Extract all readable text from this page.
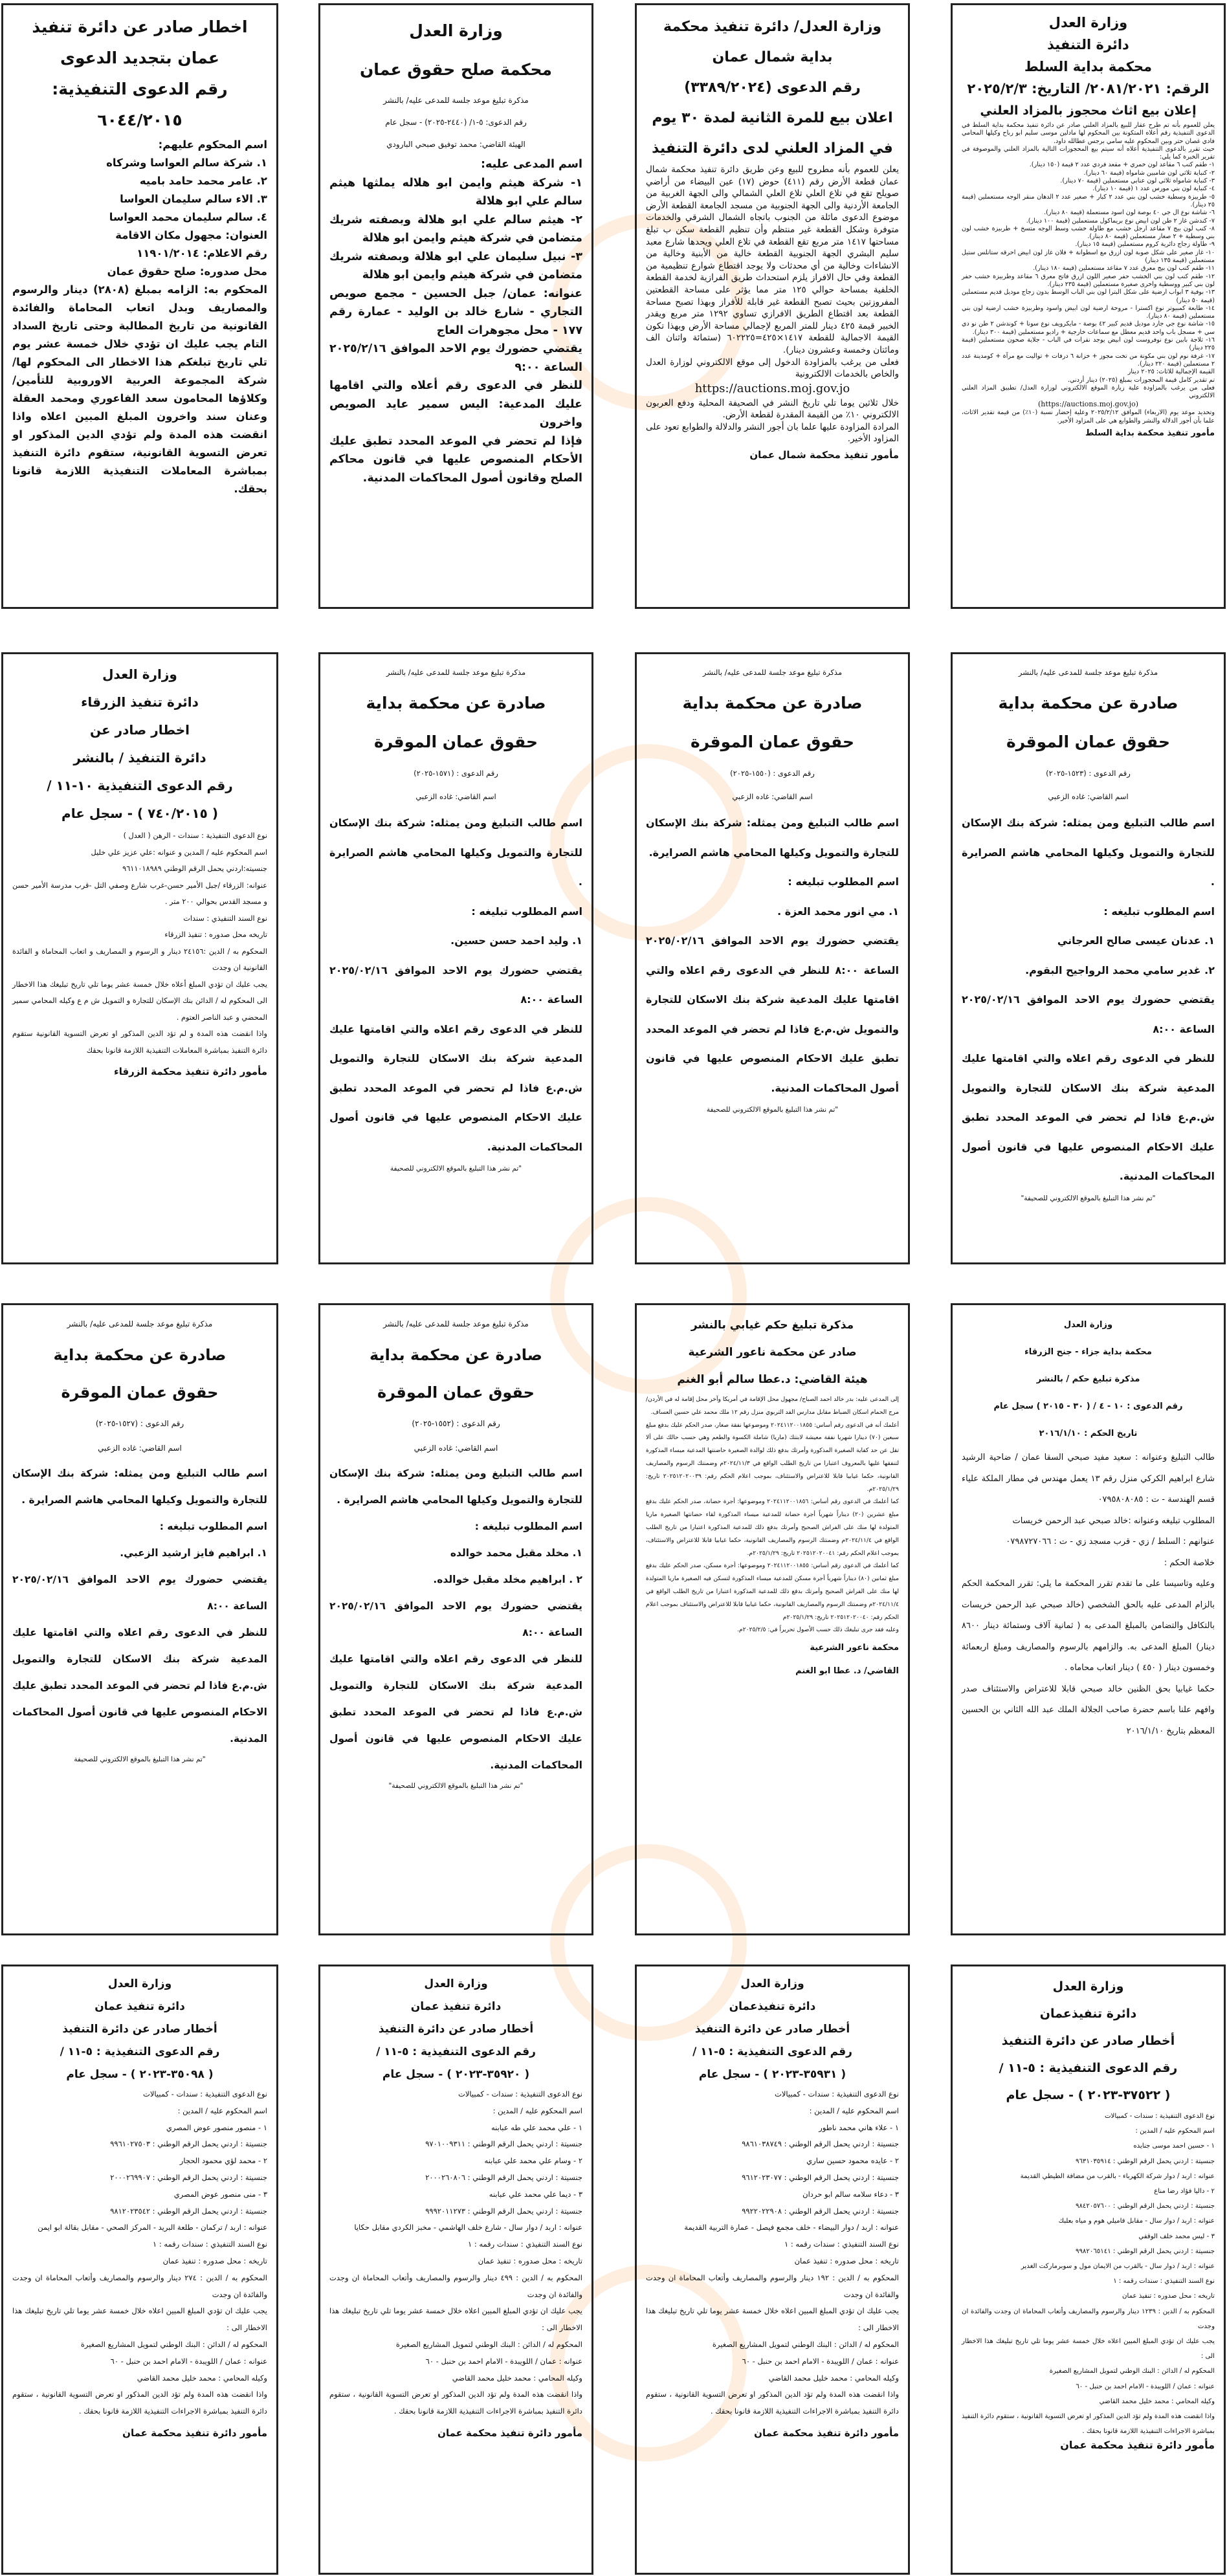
وزارة العدل
دائرة التنفيذ
محكمة بداية السلط
الرقم: ٢٠٨١/٢٠٢١/ التاريخ: ٢٠٢٥/٢/٣
إعلان بيع اثاث محجوز بالمزاد العلني
يعلن للعموم بأنه تم طرح عقار للبيع بالمزاد العلني صادر عن دائرة تنفيذ محكمة بداية السلط في الدعوى التنفيذية رقم أعلاه المتكونة بين المحكوم لها مادلين موسى سليم ابو رباح وكيلها المحامي فادي غصان حتر وبين المحكوم عليه سامي برجس عطالله داود.
حيث تقرر بالدعوى التنفيذية أعلاه أنه سيتم بيع المحجوزات التالية بالمزاد العلني والموصوفة في تقرير الخبرة كما يلي:
١- طقم كنب ٦ مقاعد لون خمري + مقعد فردي عدد ٢ قيمة (١٥٠ دينار).
٢- كنباية ثلاثي لون شامبين شامواه (قيمة ٦٠ دينار).
٣- كنباية شامواه ثلاثي لون عنابي مستعملين (قيمة ٧٠ دينار).
٤- كنباية لون بني مورس عدد ١ (قيمة ١٠ دينار).
٥- طربيزة وسطية خشب لون بني عدد ٢ كبار + صغير عدد ٢ الدهان منقر الوجه مستعملين (قيمة ٢٥ دينار).
٦- شاشة نوع ال جي ٤٠ بوصة لون اسود مستعملة (قيمة ٨٠ دينار).
٧- كندشن غاز ٢ طن لون ابيض نوع بريماكول مستعملين (قيمة ١٠٠ دينار).
٨- كنب لون بيج ٧ مقاعد ارجل خشب مع طاولة خشب وسط الوجه متسخ + طربيزة خشب لون بني وسطية + ٢ صغار مستعملين (قيمة ٨٠ دينار).
٩- طاولة زجاج دائرية كروم مستعملين (قيمة ١٥ دينار).
١٠- غاز صغير على شكل صوبة لون ازرق مع اسطوانة + فلان غاز لون ابيض احرقه ستانلس ستيل مستعملين (قيمة ١٣٥ دينار)
١١- طقم كنب لون بيج معرق عدد ٧ مقاعد مستعملين (قيمة ١٨٠ دينار).
١٢- طقم كنب لون بني الخشب حفر صغير اللون ازرق فاتح معرق ٦ مقاعد وطربيزة خشب حفر لون بني كبير ووسطية واخرى صغيرة مستعملين (قيمة ٢٣٥ دينار).
١٣- بوفية ٣ ابواب ارضية على شكل البترا لون بني الباب الوسط بدون زجاج موديل قديم مستعملين (قيمة ٥٠ دينار)
١٤- طابعة كمبيوتر نوع اكسترا - مروحة ارضية لون ابيض واسود وطربيزة خشب ارضية لون بني مستعملين (قيمة ٨٠ دينار).
١٥- شاشة نوع جي جارد موديل قديم كبير ٤٢ بوصة - مايكرويف نوع سونا + كوندشن ٢ طن نو دي سي + مسجل باب واحد قديم معطل مع سماعات خارجية + راديو مستعملين (قيمة ٣٠٠ دينار).
١٦- ثلاجة بابين نوع نوفروست لون ابيض يوجد نقرات في الباب - جلاية صحون مستعملين (قيمة ٢٢٥ دينار)
١٧- غرفة نوم لون بني مكونة من تخت مجوز + خزانة ٦ درفات + تواليت مع مرآة + كومدينة عدد ٢ مستعملين (قيمة ٢٢٠ دينار).
القيمة الإجمالية للاثاث: ٢٠٢٥ دينار
تم تقدير كامل قيمة المحجوزات بمبلغ (٢٠٢٥) دينار أردني.
فعلى من يرغب بالمزاودة علية زيارة الموقع الالكتروني لوزارة العدل/ تطبيق المزاد العلني الالكتروني
(https://auctions.moj.gov.jo)
وتحديد موعد يوم (الاربعاء) الموافق ٢٠٢٥/٢/١٢ وعلية إحضار نسبة (١٠٪) من قيمة تقدير الاثاث، علما بأن أجور الدلالة والنشر والطوابع هي على المزاود الأخير.
مأمور تنفيذ محكمة بداية السلط
وزارة العدل/ دائرة تنفيذ محكمة
بداية شمال عمان
رقم الدعوى (٣٣٨٩/٢٠٢٤)
اعلان بيع للمرة الثانية لمدة ٣٠ يوم
في المزاد العلني لدى دائرة التنفيذ
يعلن للعموم بأنه مطروح للبيع وعن طريق دائرة تنفيذ محكمة شمال عمان قطعة الأرض رقم (٤١١) حوض (١٧) عين البيضاء من أراضي صويلح تقع في تلاع العلي تلاع العلي الشمالي والى الجهة الغربية من الجامعة الأردنية والى الجهة الجنوبية من مسجد الجامعة القطعة الأرض موضوع الدعوى مائلة من الجنوب باتجاه الشمال الشرقي والخدمات متوفرة وشكل القطعة غير منتظم وأن تنظيم القطعة سكن ب تبلغ مساحتها ١٤١٧ متر مربع تقع القطعة في تلاع العلي ويحدها شارع معبد سليم البشري الجهة الجنوبية القطعة خالية من الأبنية وخالية من الانشاءات وخالية من أي محدثات ولا يوجد اقتطاع شوارع تنظيمية من القطعة وفي حال الافراز يلزم استحداث طريق الفرازية لخدمة القطعة الخلفية بمساحة حوالي ١٢٥ متر مما يؤثر على مساحة القطعتين المفروزتين بحيث تصبح القطعة غير قابلة للأفراز وبهذا تصبح مساحة القطعة بعد اقتطاع الطريق الافرازي تساوي ١٢٩٢ متر مربع ويقدر الخبير قيمة ٤٢٥ دينار للمتر المربع لإجمالي مساحة الأرض وبهذا تكون القيمة الاجمالية للقطعة ١٤١٧×٤٢٥=٦٠٢٢٢٥ (ستمائة واثنان الف ومائتان وخمسة وعشرون دينار).
فعلى من يرغب بالمزاودة الدخول إلى موقع الالكتروني لوزارة العدل والخاص بالخدمات الالكترونية
https://auctions.moj.gov.jo
خلال ثلاثين يوما تلي تاريخ النشر في الصحيفة المحلية ودفع العربون الالكتروني ١٠٪ من القيمة المقدرة لقطعة الأرض.
المرادة المزاودة عليها علما بان أجور النشر والدلالة والطوابع تعود على المزاود الأخير.
مأمور تنفيذ محكمة شمال عمان
وزارة العدل
محكمة صلح حقوق عمان
مذكرة تبليغ موعد جلسة للمدعى عليه/ بالنشر
رقم الدعوى: ٥-١/ (٢٤٤٠-٢٠٢٥) - سجل عام
الهيئة القاضي: محمد توفيق صبحي البارودي
اسم المدعى عليه:
١- شركة هيثم وايمن ابو هلاله يملثها هيثم سالم علي ابو هلالة
٢- هيثم سالم علي ابو هلالة وبصفته شريك متضامن في شركة هيثم وايمن ابو هلالة
٣- نبيل سليمان علي ابو هلالة وبصفته شريك متضامن في شركة هيثم وايمن ابو هلالة
عنوانه: عمان/ جبل الحسين - مجمع صويص التجاري - شارع خالد بن الوليد - عمارة رقم ١٧٧ - محل مجوهرات العاج
يقتضي حضورك يوم الاحد الموافق ٢٠٢٥/٢/١٦ الساعة ٩:٠٠
للنظر في الدعوى رقم أعلاه والتي اقامها عليك المدعية: اليس سمير عايد الصويص واخرون
فإذا لم تحضر في الموعد المحدد تطبق عليك الأحكام المنصوص عليها في قانون محاكم الصلح وقانون أصول المحاكمات المدنية.
اخطار صادر عن دائرة تنفيذ
عمان بتجديد الدعوى
رقم الدعوى التنفيذية:
٦٠٤٤/٢٠١٥
اسم المحكوم عليهم:
١. شركة سالم العواسا وشركاه
٢. عامر محمد حامد باميه
٣. الاء سالم سليمان العواسا
٤. سالم سليمان محمد العواسا
العنوان: مجهول مكان الاقامة
رقم الاعلام: ١١٩٠١/٢٠١٤
محل صدوره: صلح حقوق عمان
المحكوم به: الزامه بمبلغ (٢٨٠٨) دينار والرسوم والمصاريف وبدل اتعاب المحاماة والفائدة القانونية من تاريخ المطالبة وحتى تاريخ السداد التام يجب عليك ان تؤدي خلال خمسة عشر يوم تلي تاريخ تبلغكم هذا الاخطار الى المحكوم لها/ شركة المجموعة العربية الاوروبية للتأمين/ وكلاؤها المحامون سعد الفاعوري ومحمد العقلة وعنان سند واخرون المبلغ المبين اعلاه واذا انقضت هذه المدة ولم تؤدي الدين المذكور او تعرض التسوية القانونية، ستقوم دائرة التنفيذ بمباشرة المعاملات التنفيذية اللازمة قانونا بحقك.
مذكرة تبليغ موعد جلسة للمدعى عليه/ بالنشر
صادرة عن محكمة بداية
حقوق عمان الموقرة
رقم الدعوى : (١٥٢٣-٢٠٢٥)
اسم القاضي: غاده الزعبي
اسم طالب التبليغ ومن يمثله: شركة بنك الإسكان للتجارة والتمويل وكيلها المحامي هاشم الصرايرة .
اسم المطلوب تبليغه :
١. عدنان عيسى صالح العرجاني
٢. غدير سامي محمد الرواجيح البقوم.
يقتضي حضورك يوم الاحد الموافق ٢٠٢٥/٠٢/١٦ الساعة ٨:٠٠
للنظر في الدعوى رقم اعلاه والتي اقامتها عليك المدعية شركة بنك الاسكان للتجارة والتمويل ش.م.ع فاذا لم تحضر في الموعد المحدد تطبق عليك الاحكام المنصوص عليها في قانون أصول المحاكمات المدنية.
"تم نشر هذا التبليغ بالموقع الالكتروني للصحيفة"
مذكرة تبليغ موعد جلسة للمدعى عليه/ بالنشر
صادرة عن محكمة بداية
حقوق عمان الموقرة
رقم الدعوى : (١٥٥٠-٢٠٢٥)
اسم القاضي: غاده الزعبي
اسم طالب التبليغ ومن يمثله: شركة بنك الإسكان للتجارة والتمويل وكيلها المحامي هاشم الصرايرة.
اسم المطلوب تبليغه :
١. مي انور محمد العزة .
يقتضي حضورك يوم الاحد الموافق ٢٠٢٥/٠٢/١٦ الساعة ٨:٠٠ للنظر في الدعوى رقم اعلاه والتي اقامتها عليك المدعية شركة بنك الاسكان للتجارة والتمويل ش.م.ع فاذا لم تحضر في الموعد المحدد تطبق عليك الاحكام المنصوص عليها في قانون أصول المحاكمات المدنية.
"تم نشر هذا التبليغ بالموقع الالكتروني للصحيفة
مذكرة تبليغ موعد جلسة للمدعى عليه/ بالنشر
صادرة عن محكمة بداية
حقوق عمان الموقرة
رقم الدعوى : (١٥٧١-٢٠٢٥)
اسم القاضي: غاده الزعبي
اسم طالب التبليغ ومن يمثله: شركة بنك الإسكان للتجارة والتمويل وكيلها المحامي هاشم الصرايرة .
اسم المطلوب تبليغه :
١. وليد احمد حسن حسين.
يقتضي حضورك يوم الاحد الموافق ٢٠٢٥/٠٢/١٦ الساعة ٨:٠٠
للنظر في الدعوى رقم اعلاه والتي اقامتها عليك المدعية شركة بنك الاسكان للتجارة والتمويل ش.م.ع فاذا لم تحضر في الموعد المحدد تطبق عليك الاحكام المنصوص عليها في قانون أصول المحاكمات المدنية.
"تم نشر هذا التبليغ بالموقع الالكتروني للصحيفة
وزارة العدل
دائرة تنفيذ الزرقاء
اخطار صادر عن
دائرة التنفيذ / بالنشر
رقم الدعوى التنفيذية ١٠-١١ /
( ٧٤٠/٢٠١٥ ) - سجل عام
نوع الدعوى التنفيذية : سندات - الرهن ( العدل )
اسم المحكوم عليه / المدين و عنوانه :علي عزيز علي خليل
جنسيته:اردني يحمل الرقم الوطني ٩٦١١٠١٨٩٨٩
عنوانه: الزرقاء /جبل الأمير حسن-غرب شارع وصفي التل -قرب مدرسة الأمير حسن و مسجد القدس بحوالي ٢٠٠ متر .
نوع السند التنفيذي : سندات
تاريخه محل صدوره : تنفيذ الزرقاء
المحكوم به / الدين :٢٤١٥٦ دينار و الرسوم و المصاريف و اتعاب المحاماة و الفائدة القانونية ان وجدت
يجب عليك ان تؤدي المبلغ أعلاه خلال خمسة عشر يوما تلي تاريخ تبليغك هذا الاخطار الى المحكوم له / الدائن بنك الإسكان للتجارة و التمويل ش م ع وكيله المحامي سمير المحضي و عبد الناصر العتوم .
واذا انقضت هذه المدة و لم تؤد الدين المذكور او تعرض التسوية القانونية ستقوم دائرة التنفيذ بمباشرة المعاملات التنفيذية اللازمة قانونا بحقك
مأمور دائرة تنفيذ محكمة الزرقاء
وزارة العدل
محكمة بداية جزاء - جنح الزرقاء
مذكرة تبليغ حكم / بالنشر
رقم الدعوى : ١٠ - ٤ / ( ٣٠ - ٢٠١٥ ) سجل عام
تاريخ الحكم : ٢٠١٦/١/١٠
طالب التبليغ وعنوانه : سعيد مفيد صبحي السقا عمان / ضاحية الرشيد شارع ابراهيم الكركي منزل رقم ١٣ يعمل مهندس في مطار الملكة علياء قسم الهندسة - ت : ٠٧٩٥٨٠٨٠٨٥
المطلوب تبليغه وعنوانه :خالد صبحي عبد الرحمن خريسات
عنوانهم : السلط / زي - قرب مسجد زي - ت : ٠٧٩٨٧٢٧٠٦٦
خلاصة الحكم :
وعليه وتاسيسا على ما تقدم تقرر المحكمة ما يلي: تقرر المحكمة الحكم بالزام المدعى عليه بالحق الشخصي (خالد صبحي عبد الرحمن خريسات بالتكافل والتضامن بالمبلغ المدعى به ( ثمانية آلاف وستمائة دينار ٨٦٠٠ دينار) المبلغ المدعى به. والزامهم بالرسوم والمصاريف ومبلغ اربعمائة وخمسون دينار ( ٤٥٠ ) دينار اتعاب محاماه .
حكما غيابيا بحق الظنين خالد صبحي قابلا للاعتراض والاستئناف صدر وافهم علنا باسم حضرة صاحب الجلالة الملك عبد الله الثاني بن الحسين المعظم بتاريخ ٢٠١٦/١/١٠
مذكرة تبليغ حكم غيابي بالنشر
صادر عن محكمة ناعور الشرعية
هيئة القاضي: د.عطا سالم أبو الغنم
إلى المدعى عليه: بدر خالد احمد الصباح/ مجهول محل الإقامة في أمريكا وآخر محل إقامة له في الأردن/ مرج الحمام اسكان الضباط مقابل مدارس الفد التربوي منزل رقم ١٢ ملك محمد علي حسين العساف.
أعلمك أنه في الدعوى رقم أساس: ٢٠٢٤١١٢٠٠١٨٥٥ وموضوعها نفقة صغار، صدر الحكم عليك بدفع مبلغ سبعين (٧٠) دينارا شهريا نفقة معيشة لابنتك (ماريا) شاملة الكسوة والطعم وهي حسب حالك على ألا تقل عن حد كفاية الصغيرة المذكورة وأمرتك بدفع ذلك لوالدة الصغيرة حاضنتها المدعية ميساء المذكورة لتنفقها عليها بالمعروف اعتبارا من تاريخ الطلب الواقع في ٢٠٢٤/١١/٣م وضمنتك الرسوم والمصاريف القانونية، حكما غيابيا قابلا للاعتراض والاستئناف، بموجب اعلام الحكم رقم: ٢٠٢٥١٢٠٢٠٠٣٩ تاريخ: ٢٠٢٥/١/٢٩م.
كما أعلمك في الدعوى رقم أساس: ٢٠٢٤١١٢٠٠١٨٥٦ وموضوعها: أجرة حضانة، صدر الحكم عليك بدفع مبلغ عشرين (٢٠) ديناراً شهرياً أجرة حضانة للمدعية ميساء المذكورة لقاء حضانتها الصغيرة ماريا المتولدة لها منك على الفراش الصحيح وأمرتك بدفع ذلك للمدعية المذكورة اعتبارا من تاريخ الطلب الواقع في ٢٠٢٤/١١/٤م وضمنتك الرسوم والمصاريف القانونية، حكما غيابيا قابلا للاعتراض والاستئناف، بموجب اعلام الحكم رقم: ٢٠٢٥١٢٠٢٠٠٤١ تاريخ: ٢٠٢٥/١/٢٩م.
كما أعلمك في الدعوى رقم أساس: ٢٠٢٤١١٢٠٠١٨٥٥ وموضوعها: أجرة مسكن، صدر الحكم عليك بدفع مبلغ ثمانين (٨٠) ديناراً شهرياً أجرة مسكن للمدعية ميساء المذكورة لتسكن فيه الصغيرة ماريا المتولدة لها منك على الفراش الصحيح وأمرتك بدفع ذلك للمدعية المذكورة اعتبارا من تاريخ الطلب الواقع في ٢٠٢٤/١١/٤م وضمنتك الرسوم والمصاريف القانونية، حكما غيابيا قابلا للاعتراض والاستئناف بموجب اعلام الحكم رقم: ٢٠٢٥١٢٠٢٠٠٤٠ تاريخ: ٢٠٢٥/١/٢٩م
وعليه فقد جرى تبليغك ذلك حسب الأصول تحريراً في: ٢٠٢٥/٢/٥م.
محكمة ناعور الشرعية
القاضي/ د. عطا ابو الغنم
مذكرة تبليغ موعد جلسة للمدعى عليه/ بالنشر
صادرة عن محكمة بداية
حقوق عمان الموقرة
رقم الدعوى : (١٥٥٢-٢٠٢٥)
اسم القاضي: غاده الزعبي
اسم طالب التبليغ ومن يمثله: شركة بنك الإسكان للتجارة والتمويل وكيلها المحامي هاشم الصرايرة .
اسم المطلوب تبليغه :
١. مخلد مقبل محمد خوالده
٢ . ابراهيم مخلد مقبل خوالده.
يقتضي حضورك يوم الاحد الموافق ٢٠٢٥/٠٢/١٦ الساعة ٨:٠٠
للنظر في الدعوى رقم اعلاه والتي اقامتها عليك المدعية شركة بنك الاسكان للتجارة والتمويل ش.م.ع فاذا لم تحضر في الموعد المحدد تطبق عليك الاحكام المنصوص عليها في قانون أصول المحاكمات المدنية.
"تم نشر هذا التبليغ بالموقع الالكتروني للصحيفة"
مذكرة تبليغ موعد جلسة للمدعى عليه/ بالنشر
صادرة عن محكمة بداية
حقوق عمان الموقرة
رقم الدعوى : (١٥٢٧-٢٠٢٥)
اسم القاضي: غاده الزعبي
اسم طالب التبليغ ومن يمثله: شركة بنك الإسكان للتجارة والتمويل وكيلها المحامي هاشم الصرايرة .
اسم المطلوب تبليغه :
١. ابراهيم فايز ارشيد الزعبي.
يقتضي حضورك يوم الاحد الموافق ٢٠٢٥/٠٢/١٦ الساعة ٨:٠٠
للنظر في الدعوى رقم اعلاه والتي اقامتها عليك المدعية شركة بنك الاسكان للتجارة والتمويل ش.م.ع فاذا لم تحضر في الموعد المحدد تطبق عليك الاحكام المنصوص عليها في قانون أصول المحاكمات المدنية.
"تم نشر هذا التبليغ بالموقع الالكتروني للصحيفة
وزارة العدل
دائرة تنفيذعمان
أخطار صادر عن دائرة التنفيذ
رقم الدعوى التنفيذية : ٥-١١ /
( ٣٧٥٢٢-٢٠٢٣ ) - سجل عام
نوع الدعوى التنفيذية : سندات - كمبيالات
اسم المحكوم عليه / المدين :
١ - حسين احمد موسى جنايده
جنسيتة : اردني يحمل الرقم الوطني : ٩٦٣١٠٣٥٩١٤
عنوانه : اربد / دوار شركة الكهرباء - بالقرب من مضافة الطيطي القديمة
٢ - داليا فؤاد رضا مناع
جنسيتة : اردني يحمل الرقم الوطني : ٩٨٤٢٠٥٧٦٠٠
عنوانه : اربد / دوار سال - مقابل فاميلي هوم و مياه بعلبك
٣ - ليس محمد خلف الوقفي
جنسيتة : اردني يحمل الرقم الوطني : ٩٩٨٢٠٦٥١٤١
عنوانه : اربد / دوار سال - بالقرب من الايمان مول و سوبرماركت الغدير
نوع السند التنفيذي : سندات رقمه : ١
تاريخه : محل صدوره : تنفيذ عمان
المحكوم به / الدين : ١٢٣٩ دينار والرسوم والمصاريف وأتعاب المحاماة ان وجدت والفائدة ان وجدت
يجب عليك ان تؤدي المبلغ المبين اعلاه خلال خمسة عشر يوما تلي تاريخ تبليغك هذا الاخطار الى :
المحكوم له / الدائن : البنك الوطني لتمويل المشاريع الصغيرة
عنوانه : عمان / اللويبدة - الامام احمد بن حنبل - ٦٠
وكيله المحامي : محمد خليل محمد القاضي
واذا انقضت هذه المدة ولم تؤد الدين المذكور او تعرض التسوية القانونية ، ستقوم دائرة التنفيذ بمباشرة الاجراءات التنفيذية اللازمة قانونا بحقك .
مأمور دائرة تنفيذ محكمة عمان
وزارة العدل
دائرة تنفيذعمان
أخطار صادر عن دائرة التنفيذ
رقم الدعوى التنفيذية : ٥-١١ /
( ٣٥٩٣١-٢٠٢٣ ) - سجل عام
نوع الدعوى التنفيذية : سندات - كمبيالات
اسم المحكوم عليه / المدين :
١ - علاء هاني محمد ناطور
جنسيتة : اردني يحمل الرقم الوطني : ٩٨٦١٠٣٨٧٤٩
٢ - عايده محمود حسين ساري
جنسيتة : اردني يحمل الرقم الوطني : ٩٦١٢٠٢٣٠٧٧
٣ - دعاء سلامه سالم ابو حردان
جنسيتة : اردني يحمل الرقم الوطني : ٩٩٢٢٠٢٢٩٠٨
عنوانه : اربد / دوار البيضاء - خلف مجمع فيصل - عمارة التربية القديمة
نوع السند التنفيذي : سندات رقمه : ١
تاريخه : محل صدوره : تنفيذ عمان
المحكوم به / الدين : ١٩٢ دينار والرسوم والمصاريف وأتعاب المحاماة ان وجدت والفائدة ان وجدت
يجب عليك ان تؤدي المبلغ المبين اعلاه خلال خمسة عشر يوما تلي تاريخ تبليغك هذا الاخطار الى :
المحكوم له / الدائن : البنك الوطني لتمويل المشاريع الصغيرة
عنوانه : عمان / اللويبدة - الامام احمد بن حنبل - ٦٠
وكيله المحامي : محمد خليل محمد القاضي
واذا انقضت هذه المدة ولم تؤد الدين المذكور او تعرض التسوية القانونية ، ستقوم دائرة التنفيذ بمباشرة الاجراءات التنفيذية اللازمة قانونا بحقك .
مأمور دائرة تنفيذ محكمة عمان
وزارة العدل
دائرة تنفيذ عمان
أخطار صادر عن دائرة التنفيذ
رقم الدعوى التنفيذية : ٥-١١ /
( ٣٥٩٢٠-٢٠٢٣ ) - سجل عام
نوع الدعوى التنفيذية : سندات - كمبيالات
اسم المحكوم عليه / المدين :
١ - علي محمد علي طه عبابنه
جنسيتة : اردني يحمل الرقم الوطني : ٩٧٠١٠٠٩٣١١
٢ - وسام علي محمد علي عبابنه
جنسيتة : اردني يحمل الرقم الوطني : ٢٠٠٠٢٦٠٨٠٦
٣ - ديما علي محمد علي عبابنه
جنسيتة : اردني يحمل الرقم الوطني : ٩٩٩٢٠١١٢٧٣
عنوانه : اربد / دوار سال - شارع خلف الهاشمي - مخبز الكردي مقابل حكايا
نوع السند التنفيذي : سندات رقمه : ١
تاريخه : محل صدوره : تنفيذ عمان
المحكوم به / الدين : ٤٩٩ دينار والرسوم والمصاريف وأتعاب المحاماة ان وجدت والفائدة ان وجدت
يجب عليك ان تؤدي المبلغ المبين اعلاه خلال خمسة عشر يوما تلي تاريخ تبليغك هذا الاخطار الى :
المحكوم له / الدائن : البنك الوطني لتمويل المشاريع الصغيرة
عنوانه : عمان / اللويبدة - الامام احمد بن حنبل - ٦٠
وكيله المحامي : محمد خليل محمد القاضي
واذا انقضت هذه المدة ولم تؤد الدين المذكور او تعرض التسوية القانونية ، ستقوم دائرة التنفيذ بمباشرة الاجراءات التنفيذية اللازمة قانونا بحقك .
مأمور دائرة تنفيذ محكمة عمان
وزارة العدل
دائرة تنفيذ عمان
أخطار صادر عن دائرة التنفيذ
رقم الدعوى التنفيذية : ٥-١١ /
( ٣٥٠٩٨-٢٠٢٣ ) - سجل عام
نوع الدعوى التنفيذية : سندات - كمبيالات
اسم المحكوم عليه / المدين :
١ - منصور منصور عوض المصري
جنسيتة : اردني يحمل الرقم الوطني : ٩٩٦١٠٢٧٥٠٣
٢ - محمد لؤي محمود الحجار
جنسيتة : اردني يحمل الرقم الوطني : ٢٠٠٠٢٦٩٩٠٧
٣ - منى منصور عوض المصري
جنسيتة : اردني يحمل الرقم الوطني : ٩٨١٢٠٢٣٥٤٢
عنوانه : اربد / تركمان - طلعة البريد - المركز الصحي - مقابل بقالة ابو ايمن
نوع السند التنفيذي : سندات رقمه : ١
تاريخه : محل صدوره : تنفيذ عمان
المحكوم به / الدين : ٢٧٤ دينار والرسوم والمصاريف وأتعاب المحاماة ان وجدت والفائدة ان وجدت
يجب عليك ان تؤدي المبلغ المبين اعلاه خلال خمسة عشر يوما تلي تاريخ تبليغك هذا الاخطار الى :
المحكوم له / الدائن : البنك الوطني لتمويل المشاريع الصغيرة
عنوانه : عمان / اللويبدة - الامام احمد بن حنبل - ٦٠
وكيله المحامي : محمد خليل محمد القاضي
واذا انقضت هذه المدة ولم تؤد الدين المذكور او تعرض التسوية القانونية ، ستقوم دائرة التنفيذ بمباشرة الاجراءات التنفيذية اللازمة قانونا بحقك .
مأمور دائرة تنفيذ محكمة عمان
